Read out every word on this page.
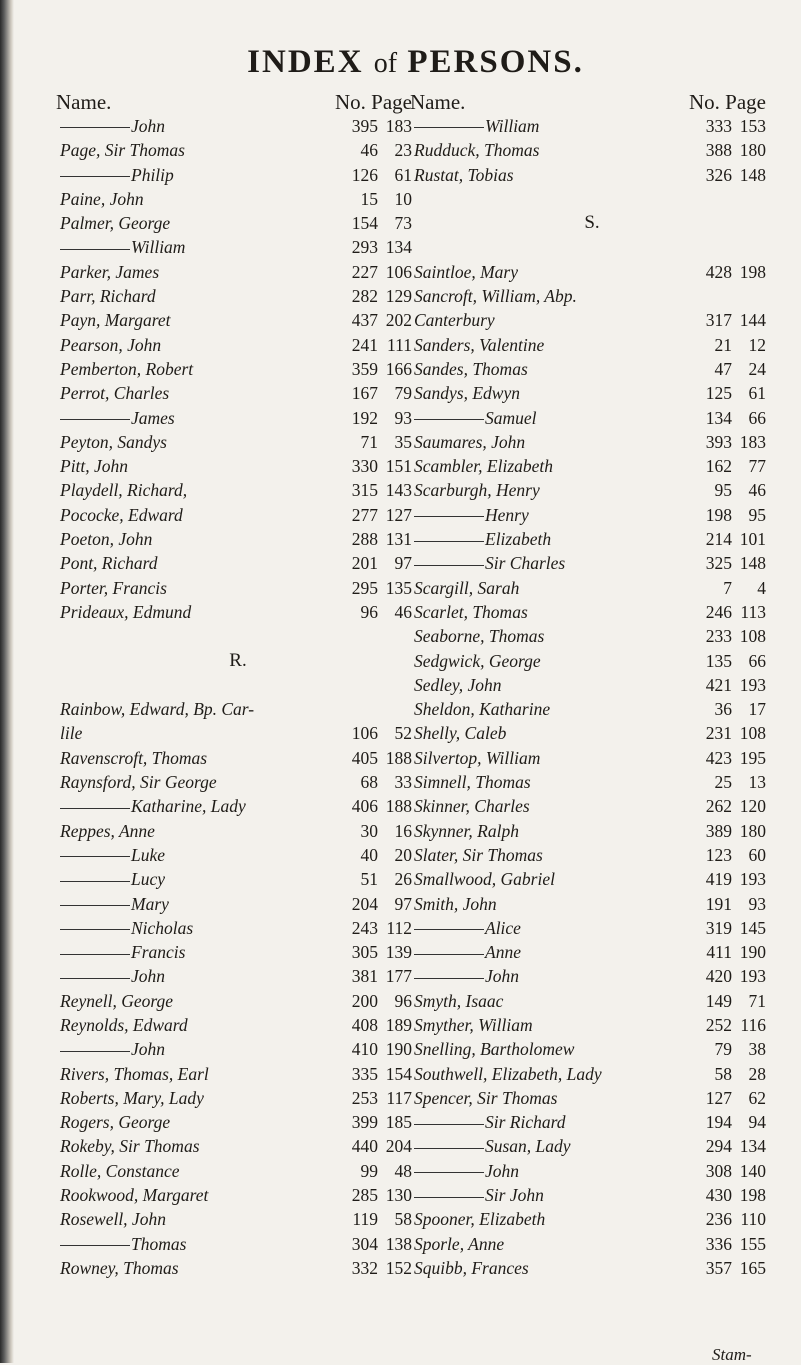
INDEX of PERSONS.
Name.	No. Page
John	395 183
Page, Sir Thomas	46 23
Philip	126 61
Paine, John	15 10
Palmer, George	154 73
William	293 134
Parker, James	227 106
Parr, Richard	282 129
Payn, Margaret	437 202
Pearson, John	241 111
Pemberton, Robert	359 166
Perrot, Charles	167 79
James	192 93
Peyton, Sandys	71 35
Pitt, John	330 151
Playdell, Richard,	315 143
Pococke, Edward	277 127
Poeton, John	288 131
Pont, Richard	201 97
Porter, Francis	295 135
Prideaux, Edmund	96 46
R.
Rainbow, Edward, Bp. Car-
lile	106 52
Ravenscroft, Thomas	405 188
Raynsford, Sir George	68 33
Katharine, Lady	406 188
Reppes, Anne	30 16
Luke	40 20
Lucy	51 26
Mary	204 97
Nicholas	243 112
Francis	305 139
John	381 177
Reynell, George	200 96
Reynolds, Edward	408 189
John	410 190
Rivers, Thomas, Earl	335 154
Roberts, Mary, Lady	253 117
Rogers, George	399 185
Rokeby, Sir Thomas	440 204
Rolle, Constance	99 48
Rookwood, Margaret	285 130
Rosewell, John	119 58
Thomas	304 138
Rowney, Thomas	332 152
Name.	No. Page
William	333 153
Rudduck, Thomas	388 180
Rustat, Tobias	326 148
S.
Saintloe, Mary	428 198
Sancroft, William, Abp.
Canterbury	317 144
Sanders, Valentine	21 12
Sandes, Thomas	47 24
Sandys, Edwyn	125 61
Samuel	134 66
Saumares, John	393 183
Scambler, Elizabeth	162 77
Scarburgh, Henry	95 46
Henry	198 95
Elizabeth	214 101
Sir Charles	325 148
Scargill, Sarah	7	4
Scarlet, Thomas	246 113
Seaborne, Thomas	233 108
Sedgwick, George	135 66
Sedley, John	421 193
Sheldon, Katharine	36 17
Shelly, Caleb	231 108
Silvertop, William	423 195
Simnell, Thomas	25 13
Skinner, Charles	262 120
Skynner, Ralph	389 180
Slater, Sir Thomas	123 60
Smallwood, Gabriel	419 193
Smith, John	191 93
Alice	319 145
Anne	411 190
John	420 193
Smyth, Isaac	149 71
Smyther, William	252 116
Snelling, Bartholomew	79 38
Southwell, Elizabeth, Lady	58 28
Spencer, Sir Thomas	127 62
Sir Richard	194 94
Susan, Lady	294 134
John	308 140
Sir John	430 198
Spooner, Elizabeth	236 110
Sporle, Anne	336 155
Squibb, Frances	357 165
Stam-
